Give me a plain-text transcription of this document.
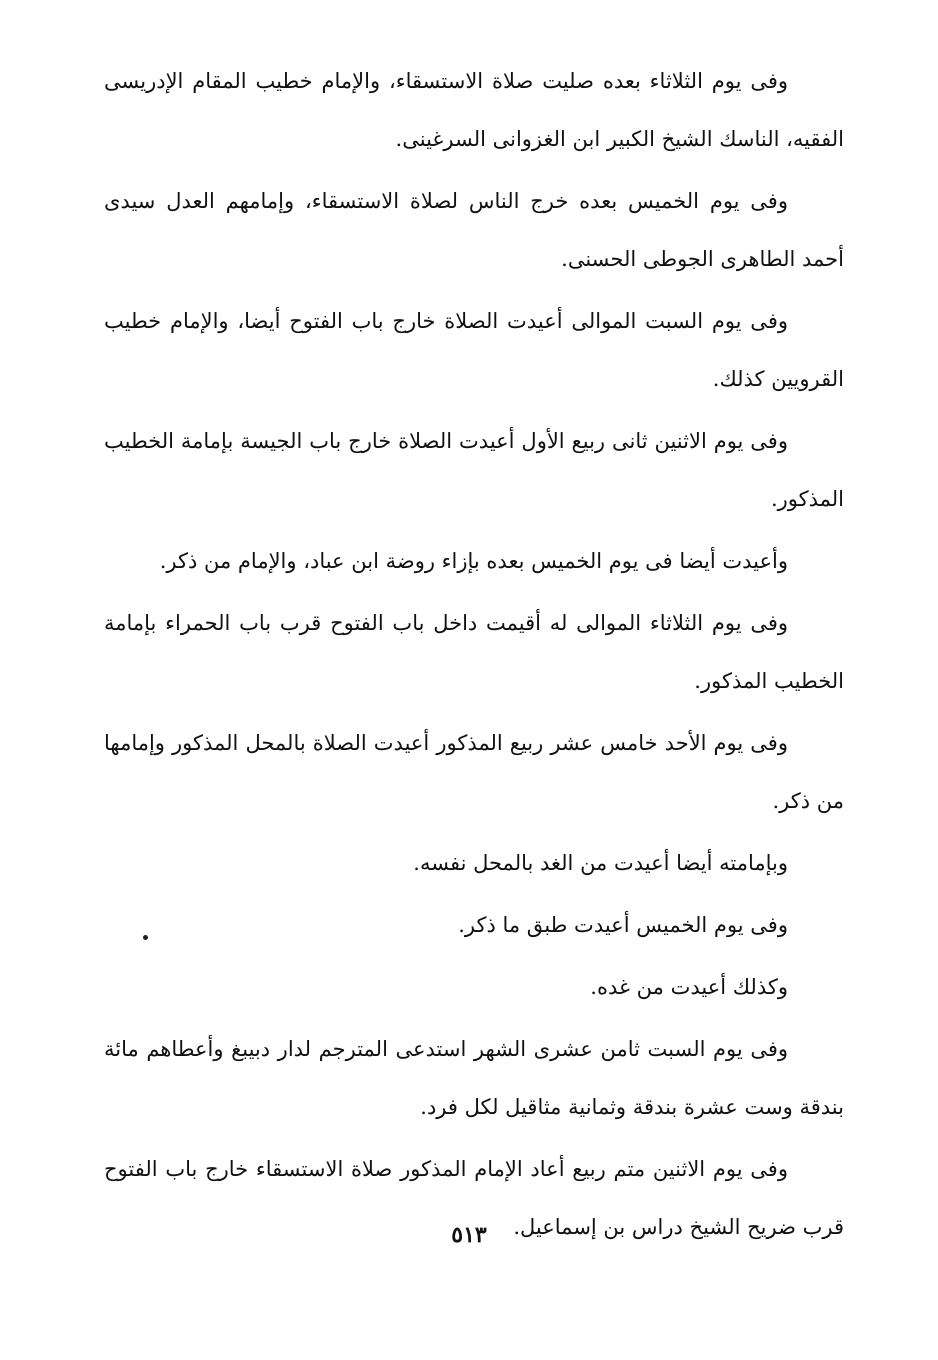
وفى يوم الثلاثاء بعده صليت صلاة الاستسقاء، والإمام خطيب المقام الإدريسى الفقيه، الناسك الشيخ الكبير ابن الغزوانى السرغينى.

وفى يوم الخميس بعده خرج الناس لصلاة الاستسقاء، وإمامهم العدل سيدى أحمد الطاهرى الجوطى الحسنى.

وفى يوم السبت الموالى أعيدت الصلاة خارج باب الفتوح أيضا، والإمام خطيب القرويين كذلك.

وفى يوم الاثنين ثانى ربيع الأول أعيدت الصلاة خارج باب الجيسة بإمامة الخطيب المذكور.

وأعيدت أيضا فى يوم الخميس بعده بإزاء روضة ابن عباد، والإمام من ذكر.

وفى يوم الثلاثاء الموالى له أقيمت داخل باب الفتوح قرب باب الحمراء بإمامة الخطيب المذكور.

وفى يوم الأحد خامس عشر ربيع المذكور أعيدت الصلاة بالمحل المذكور وإمامها من ذكر.

وبإمامته أيضا أعيدت من الغد بالمحل نفسه.

وفى يوم الخميس أعيدت طبق ما ذكر.

وكذلك أعيدت من غده.

وفى يوم السبت ثامن عشرى الشهر استدعى المترجم لدار دبيبغ وأعطاهم مائة بندقة وست عشرة بندقة وثمانية مثاقيل لكل فرد.

وفى يوم الاثنين متم ربيع أعاد الإمام المذكور صلاة الاستسقاء خارج باب الفتوح قرب ضريح الشيخ دراس بن إسماعيل.

٥١٣
